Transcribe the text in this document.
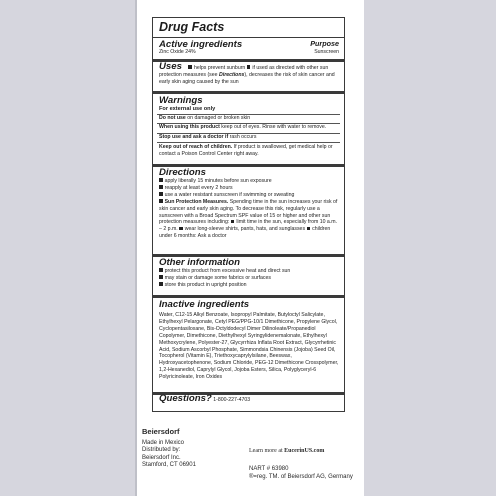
Drug Facts
Active ingredients	Purpose
Zinc Oxide 24%	Sunscreen

Uses helps prevent sunburn if used as directed with other sun protection measures (see Directions), decreases the risk of skin cancer and early skin aging caused by the sun

Warnings

For external use only

Do not use on damaged or broken skin

When using this product keep out of eyes. Rinse with water to remove.

Stop use and ask a doctor if rash occurs

Keep out of reach of children. If product is swallowed, get medical help or contact a Poison Control Center right away.

Directions

apply liberally 15 minutes before sun exposure
reapply at least every 2 hours
use a water resistant sunscreen if swimming or sweating
Sun Protection Measures. Spending time in the sun increases your risk of skin cancer and early skin aging. To decrease this risk, regularly use a sunscreen with a Broad Spectrum SPF value of 15 or higher and other sun protection measures including: limit time in the sun, especially from 10 a.m. – 2 p.m. wear long-sleeve shirts, pants, hats, and sunglasses children under 6 months: Ask a doctor

Other information

protect this product from excessive heat and direct sun
may stain or damage some fabrics or surfaces
store this product in upright position

Inactive ingredients

Water, C12-15 Alkyl Benzoate, Isopropyl Palmitate, Butyloctyl Salicylate, Ethylhexyl Pelargonate, Cetyl PEG/PPG-10/1 Dimethicone, Propylene Glycol, Cyclopentasiloxane, Bis-Octyldodecyl Dimer Dilinoleate/Propanediol Copolymer, Dimethicone, Diethylhexyl Syringylidenemalonate, Ethylhexyl Methoxycrylene, Polyester-27, Glycyrrhiza Inflata Root Extract, Glycyrrhetinic Acid, Sodium Ascorbyl Phosphate, Simmondsia Chinensis (Jojoba) Seed Oil, Tocopherol (Vitamin E), Triethoxycaprylylsilane, Beeswax, Hydroxyacetophenone, Sodium Chloride, PEG-12 Dimethicone Crosspolymer, 1,2-Hexanediol, Caprylyl Glycol, Jojoba Esters, Silica, Polyglyceryl-6 Polyricinoleate, Iron Oxides

Questions? 1-800-227-4703

Beiersdorf
Made in Mexico
Distributed by:
Beiersdorf Inc.
Stamford, CT 06901
Learn more at EucerinUS.com
NART # 63980
®=reg. TM. of Beiersdorf AG, Germany
